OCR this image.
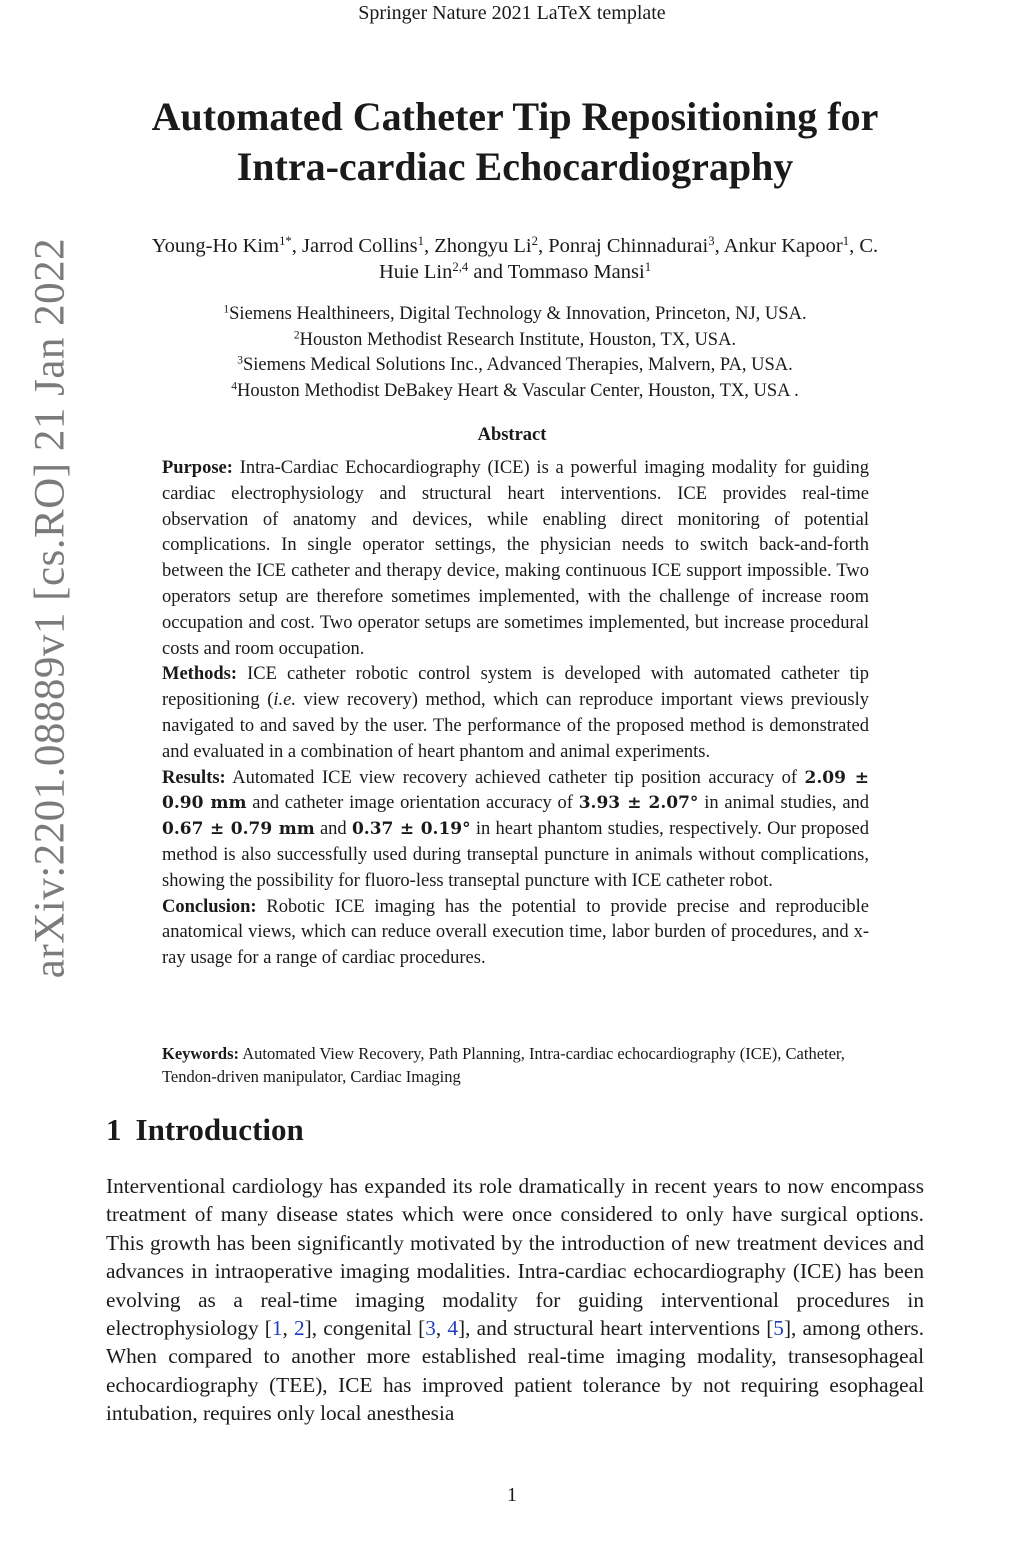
Springer Nature 2021 LaTeX template
arXiv:2201.08889v1 [cs.RO] 21 Jan 2022
Automated Catheter Tip Repositioning for Intra-cardiac Echocardiography
Young-Ho Kim$^{1*}$, Jarrod Collins$^1$, Zhongyu Li$^2$, Ponraj Chinnadurai$^3$, Ankur Kapoor$^1$, C. Huie Lin$^{2,4}$ and Tommaso Mansi$^1$
$^1$Siemens Healthineers, Digital Technology & Innovation, Princeton, NJ, USA.
$^2$Houston Methodist Research Institute, Houston, TX, USA.
$^3$Siemens Medical Solutions Inc., Advanced Therapies, Malvern, PA, USA.
$^4$Houston Methodist DeBakey Heart & Vascular Center, Houston, TX, USA .
Abstract

Purpose: Intra-Cardiac Echocardiography (ICE) is a powerful imaging modality for guiding cardiac electrophysiology and structural heart interventions. ICE provides real-time observation of anatomy and devices, while enabling direct monitoring of potential complications. In single operator settings, the physician needs to switch back-and-forth between the ICE catheter and therapy device, making continuous ICE support impossible. Two operators setup are therefore sometimes implemented, with the challenge of increase room occupation and cost. Two operator setups are sometimes implemented, but increase procedural costs and room occupation.

Methods: ICE catheter robotic control system is developed with automated catheter tip repositioning (i.e. view recovery) method, which can reproduce important views previously navigated to and saved by the user. The performance of the proposed method is demonstrated and evaluated in a combination of heart phantom and animal experiments.

Results: Automated ICE view recovery achieved catheter tip position accuracy of 2.09 ± 0.90 mm and catheter image orientation accuracy of 3.93 ± 2.07° in animal studies, and 0.67 ± 0.79 mm and 0.37 ± 0.19° in heart phantom studies, respectively. Our proposed method is also successfully used during transeptal puncture in animals without complications, showing the possibility for fluoro-less transeptal puncture with ICE catheter robot.

Conclusion: Robotic ICE imaging has the potential to provide precise and reproducible anatomical views, which can reduce overall execution time, labor burden of procedures, and x-ray usage for a range of cardiac procedures.

Keywords: Automated View Recovery, Path Planning, Intra-cardiac echocardiography (ICE), Catheter, Tendon-driven manipulator, Cardiac Imaging
1 Introduction

Interventional cardiology has expanded its role dramatically in recent years to now encompass treatment of many disease states which were once considered to only have surgical options. This growth has been significantly motivated by the introduction of new treatment devices and advances in intraoperative imaging modalities. Intra-cardiac echocardiography (ICE) has been evolving as a real-time imaging modality for guiding interventional procedures in electrophysiology [1, 2], congenital [3, 4], and structural heart interventions [5], among others. When compared to another more established real-time imaging modality, transesophageal echocardiography (TEE), ICE has improved patient tolerance by not requiring esophageal intubation, requires only local anesthesia

1
